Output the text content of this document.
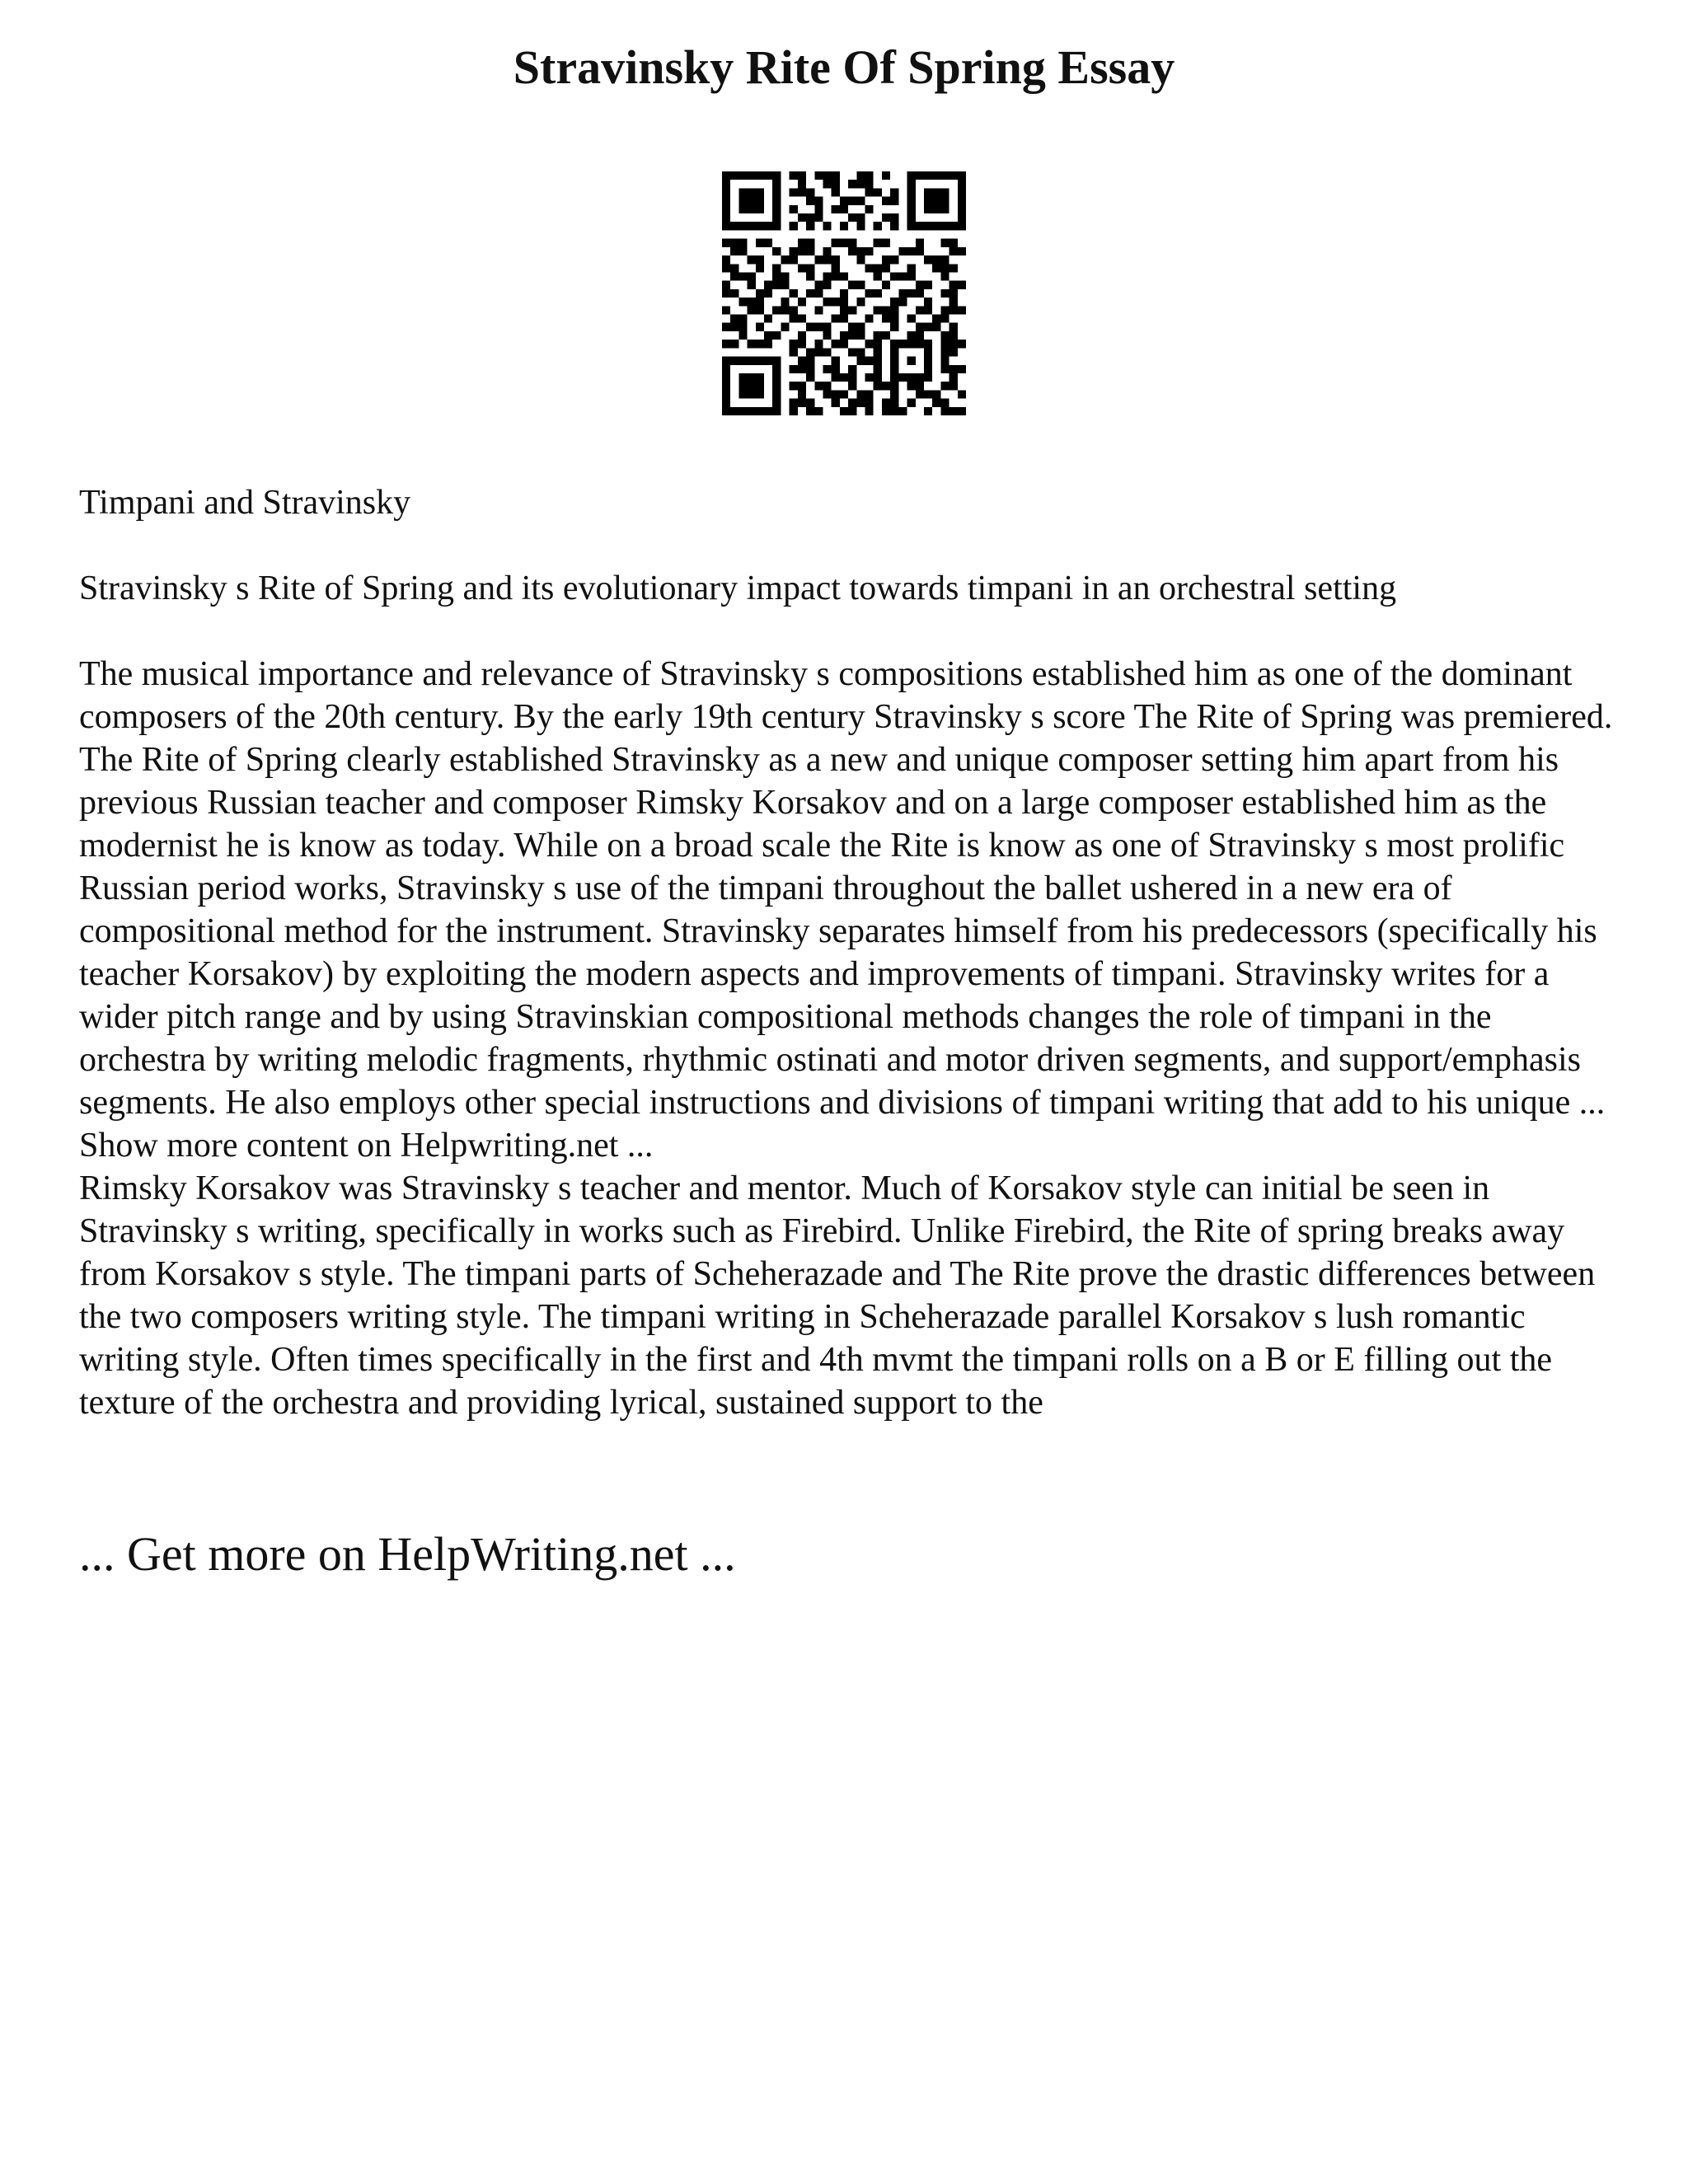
Stravinsky Rite Of Spring Essay

Timpani and Stravinsky

Stravinsky s Rite of Spring and its evolutionary impact towards timpani in an orchestral setting

The musical importance and relevance of Stravinsky s compositions established him as one of the dominant composers of the 20th century. By the early 19th century Stravinsky s score The Rite of Spring was premiered. The Rite of Spring clearly established Stravinsky as a new and unique composer setting him apart from his previous Russian teacher and composer Rimsky Korsakov and on a large composer established him as the modernist he is know as today. While on a broad scale the Rite is know as one of Stravinsky s most prolific Russian period works, Stravinsky s use of the timpani throughout the ballet ushered in a new era of compositional method for the instrument. Stravinsky separates himself from his predecessors (specifically his teacher Korsakov) by exploiting the modern aspects and improvements of timpani. Stravinsky writes for a wider pitch range and by using Stravinskian compositional methods changes the role of timpani in the orchestra by writing melodic fragments, rhythmic ostinati and motor driven segments, and support/emphasis segments. He also employs other special instructions and divisions of timpani writing that add to his unique ... Show more content on Helpwriting.net ...

Rimsky Korsakov was Stravinsky s teacher and mentor. Much of Korsakov style can initial be seen in Stravinsky s writing, specifically in works such as Firebird. Unlike Firebird, the Rite of spring breaks away from Korsakov s style. The timpani parts of Scheherazade and The Rite prove the drastic differences between the two composers writing style. The timpani writing in Scheherazade parallel Korsakov s lush romantic writing style. Often times specifically in the first and 4th mvmt the timpani rolls on a B or E filling out the texture of the orchestra and providing lyrical, sustained support to the

... Get more on HelpWriting.net ...
